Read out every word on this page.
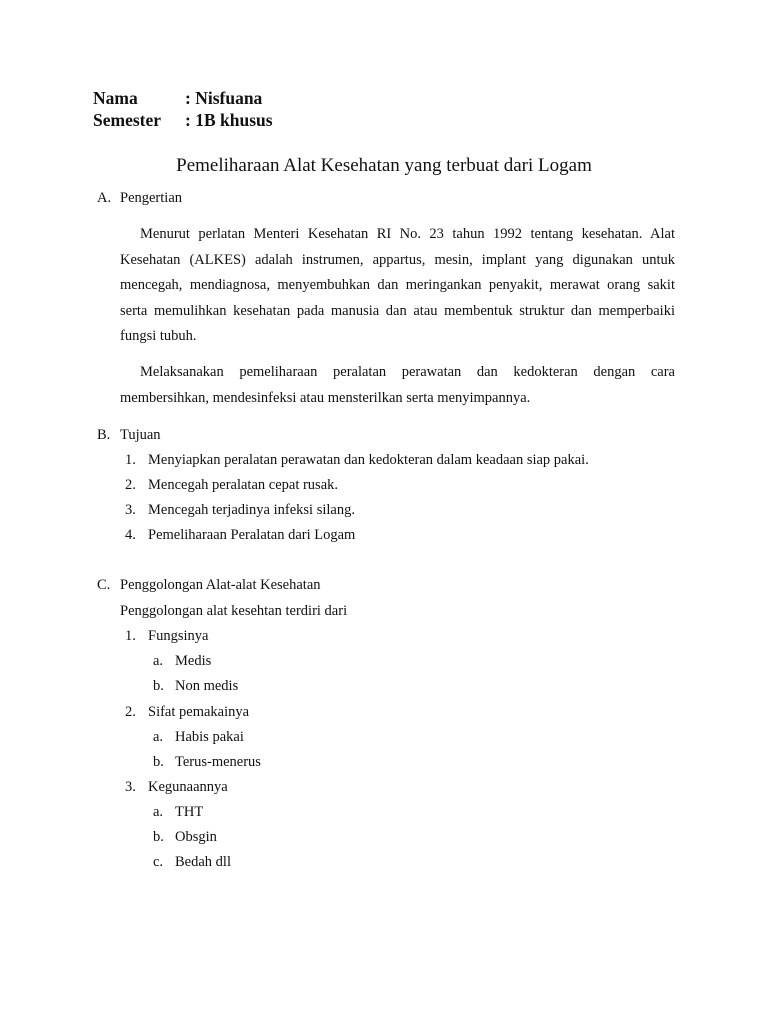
Nama	: Nisfuana
Semester : 1B khusus
Pemeliharaan Alat Kesehatan yang terbuat dari Logam
A. Pengertian
Menurut perlatan Menteri Kesehatan RI No. 23 tahun 1992 tentang kesehatan. Alat Kesehatan (ALKES) adalah instrumen, appartus, mesin, implant yang digunakan untuk mencegah, mendiagnosa, menyembuhkan dan meringankan penyakit, merawat orang sakit serta memulihkan kesehatan pada manusia dan atau membentuk struktur dan memperbaiki fungsi tubuh.
Melaksanakan pemeliharaan peralatan perawatan dan kedokteran dengan cara membersihkan, mendesinfeksi atau mensterilkan serta menyimpannya.
B. Tujuan
1. Menyiapkan peralatan perawatan dan kedokteran dalam keadaan siap pakai.
2. Mencegah peralatan cepat rusak.
3. Mencegah terjadinya infeksi silang.
4. Pemeliharaan Peralatan dari Logam
C. Penggolongan Alat-alat Kesehatan
Penggolongan alat kesehtan terdiri dari
1. Fungsinya
a. Medis
b. Non medis
2. Sifat pemakainya
a. Habis pakai
b. Terus-menerus
3. Kegunaannya
a. THT
b. Obsgin
c. Bedah dll
